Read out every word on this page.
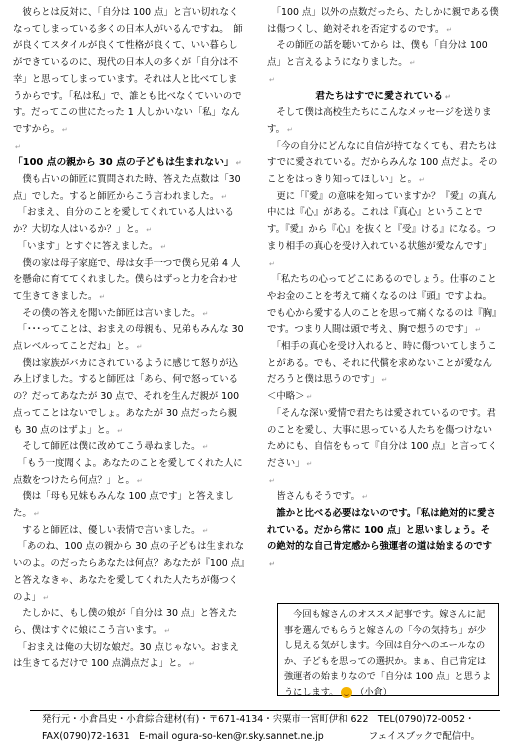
　彼らとは反対に、「自分は 100 点」と言い切れなくなってしまっている多くの日本人がいるんですね。　師が良くてスタイルが良くて性格が良くて、いい暮らしができているのに、現代の日本人の多くが「自分は不幸」と思ってしまっています。それは人と比べてしまうからです。「私は私」で、誰とも比べなくていいのです。だってこの世にたった 1 人しかいない「私」なんですから。 ↵
↵
「100 点の親から 30 点の子どもは生まれない」 ↵
　僕も占いの師匠に質問された時、答えた点数は「30 点」でした。すると師匠からこう言われました。 ↵
　「おまえ、自分のことを愛してくれている人はいるか？大切な人はいるか？」と。 ↵
　「います」とすぐに答えました。 ↵
　僕の家は母子家庭で、母は女手一つで僕ら兄弟 4 人を懸命に育ててくれました。僕らはずっと力を合わせて生きてきました。 ↵
　その僕の答えを聞いた師匠は言いました。 ↵
　「･･･ってことは、おまえの母親も、兄弟もみんな 30 点レベルってことだね」と。 ↵
　僕は家族がバカにされているように感じて怒りが込み上げました。すると師匠は「あら、何で怒っているの？だってあなたが 30 点で、それを生んだ親が 100 点ってことはないでしょ。あなたが 30 点だったら親も 30 点のはずよ」と。 ↵
　そして師匠は僕に改めてこう尋ねました。 ↵
　「もう一度聞くよ。あなたのことを愛してくれた人に点数をつけたら何点？」と。 ↵
　僕は「母も兄妹もみんな 100 点です」と答えました。 ↵
　すると師匠は、優しい表情で言いました。 ↵
　「あのね、100 点の親から 30 点の子どもは生まれないのよ。のだったらあなたは何点？あなたが『100 点』と答えなきゃ、あなたを愛してくれた人たちが傷つくのよ」 ↵
　たしかに、もし僕の娘が「自分は 30 点」と答えたら、僕はすぐに娘にこう言います。 ↵
　「おまえは俺の大切な娘だ。30 点じゃない。おまえは生きてるだけで 100 点満点だよ」と。 ↵
　「100 点」以外の点数だったら、たしかに親である僕は傷つくし、絶対それを否定するのです。 ↵
　その師匠の話を聴いてから は、僕も「自分は 100 点」と言えるようになりました。 ↵
↵
君たちはすでに愛されている ↵
　そして僕は高校生たちにこんなメッセージを送ります。 ↵
　「今の自分にどんなに自信が持てなくても、君たちはすでに愛されている。だからみんな 100 点だよ。そのことをはっきり知ってほしい」と。 ↵
　更に「『愛』の意味を知っていますか？『愛』の真ん中には『心』がある。これは『真心』ということです。『愛』から『心』を抜くと『受』ける』になる。つまり相手の真心を受け入れている状態が愛なんです」↵
　「私たちの心ってどこにあるのでしょう。仕事のことやお金のことを考えて痛くなるのは『頭』ですよね。でも心から愛する人のことを思って痛くなるのは『胸』です。つまり人間は頭で考え、胸で想うのです」 ↵
　「相手の真心を受け入れると、時に傷ついてしまうことがある。でも、それに代償を求めないことが愛なんだろうと僕は思うのです」 ↵
＜中略＞ ↵
　「そんな深い愛情で君たちは愛されているのです。君のことを愛し、大事に思っている人たちを傷つけないためにも、自信をもって『自分は 100 点』と言ってください」 ↵
↵
　皆さんもそうです。 ↵
　誰かと比べる必要はないのです。「私は絶対的に愛されている。だから常に 100 点」と思いましょう。その絶対的な自己肯定感から強運者の道は始まるのです↵
　今回も嫁さんのオススメ記事です。嫁さんに記事を選んでもらうと嫁さんの「今の気持ち」が少し見える気がします。今回は自分へのエールなのか、子どもを思っての選択か。まぁ、自己肯定は強運者の始まりなので「自分は 100 点」と思うようにします。 （小倉）
発行元・小倉昌史・小倉綜合建材(有)・〒671-4134・宍粟市一宮町伊和 622　TEL(0790)72-0052・
FAX(0790)72-1631　E-mail ogura-so-ken@r.sky.sannet.ne.jp	フェイスブックで配信中。
